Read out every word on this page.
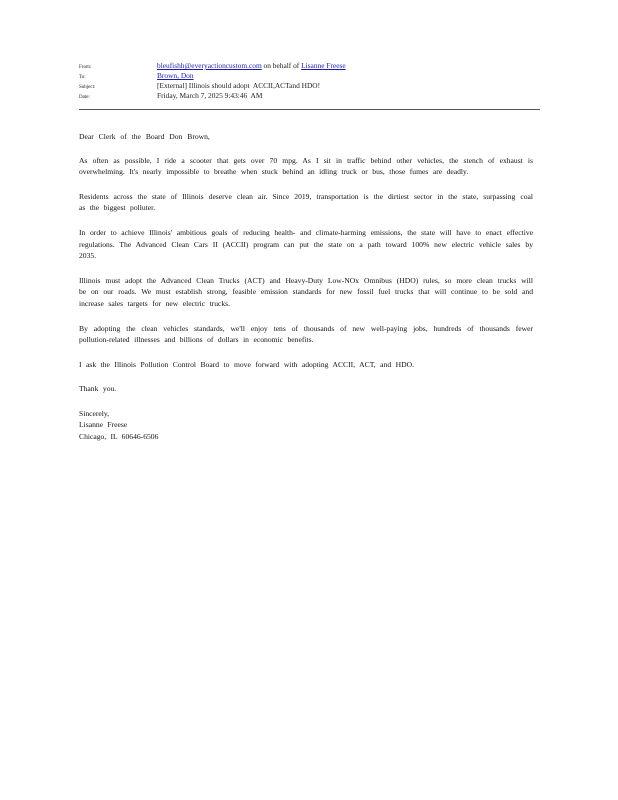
From:	bleufishh@everyactioncustom.com on behalf of Lisanne Freese
To:	Brown, Don
Subject:	[External] Illinois should adopt  ACCII,ACTand HDO!
Date:	Friday, March 7, 2025 9:43:46  AM

Dear Clerk of the Board Don Brown,

As often as possible, I ride a scooter that gets over 70 mpg. As I sit in traffic behind other vehicles, the stench of exhaust is overwhelming. It's nearly impossible to breathe when stuck behind an idling truck or bus, those fumes are deadly.

Residents across the state of Illinois deserve clean air. Since 2019, transportation is the dirtiest sector in the state, surpassing coal as the biggest polluter.

In order to achieve Illinois' ambitious goals of reducing health- and climate-harming emissions, the state will have to enact effective regulations. The Advanced Clean Cars II (ACCII) program can put the state on a path toward 100% new electric vehicle sales by 2035.

Illinois must adopt the Advanced Clean Trucks (ACT) and Heavy-Duty Low-NOx Omnibus (HDO) rules, so more clean trucks will be on our roads. We must establish strong, feasible emission standards for new fossil fuel trucks that will continue to be sold and increase sales targets for new electric trucks.

By adopting the clean vehicles standards, we'll enjoy tens of thousands of new well-paying jobs, hundreds of thousands fewer pollution-related illnesses and billions of dollars in economic benefits.

I ask the Illinois Pollution Control Board to move forward with adopting ACCII, ACT, and HDO.

Thank you.

Sincerely,
Lisanne Freese
Chicago, IL 60646-6506
